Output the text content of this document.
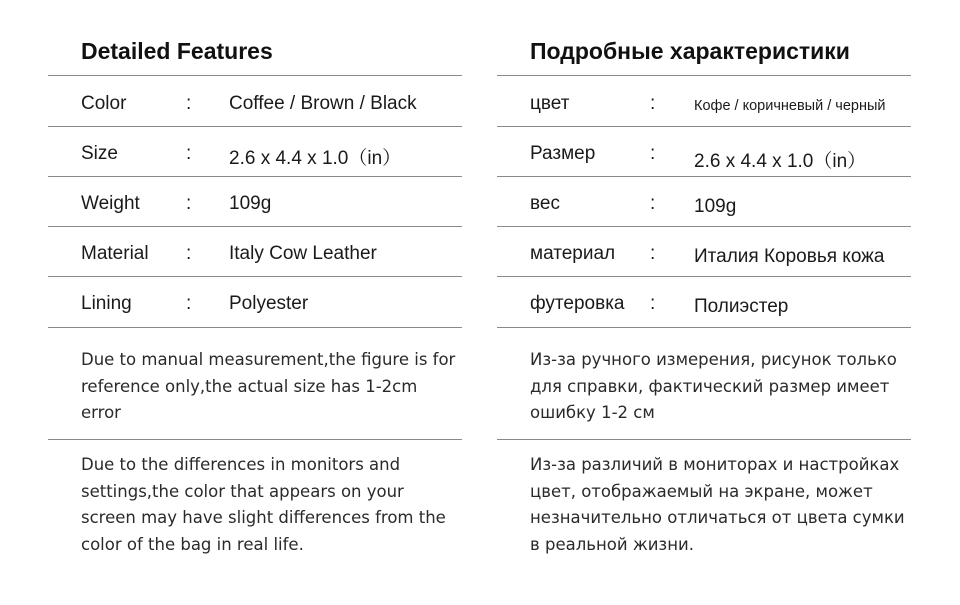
Detailed Features
Color	: Coffee / Brown / Black
Size	: 2.6 x 4.4 x 1.0（in）
Weight : 109g
Material : Italy Cow Leather
Lining	: Polyester
Due to manual measurement,the figure is for reference only,the actual size has 1-2cm error
Due to the differences in monitors and settings,the color that appears on your screen may have slight differences from the color of the bag in real life.
Подробные характеристики
цвет	:	Кофе / коричневый / черный
Размер	: 2.6 x 4.4 x 1.0（in）
вес	: 109g
материал : Италия Коровья кожа
футеровка : Полиэстер
Из-за ручного измерения, рисунок только для справки, фактический размер имеет ошибку 1-2 см
Из-за различий в мониторах и настройках цвет, отображаемый на экране, может незначительно отличаться от цвета сумки в реальной жизни.
